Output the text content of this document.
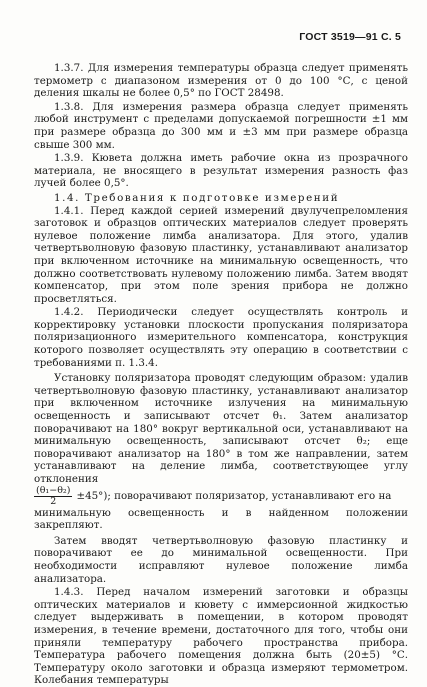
ГОСТ 3519—91 С. 5

1.3.7. Для измерения температуры образца следует применять термометр с диапазоном измерения от 0 до 100 °С, с ценой деления шкалы не более 0,5° по ГОСТ 28498.

1.3.8. Для измерения размера образца следует применять любой инструмент с пределами допускаемой погрешности ±1 мм при размере образца до 300 мм и ±3 мм при размере образца свыше 300 мм.

1.3.9. Кювета должна иметь рабочие окна из прозрачного материала, не вносящего в результат измерения разность фаз лучей более 0,5°.

1.4. Требования к подготовке измерений

1.4.1. Перед каждой серией измерений двулучепреломления заготовок и образцов оптических материалов следует проверять нулевое положение лимба анализатора. Для этого, удалив четвертьволновую фазовую пластинку, устанавливают анализатор при включенном источнике на минимальную освещенность, что должно соответствовать нулевому положению лимба. Затем вводят компенсатор, при этом поле зрения прибора не должно просветляться.

1.4.2. Периодически следует осуществлять контроль и корректировку установки плоскости пропускания поляризатора поляризационного измерительного компенсатора, конструкция которого позволяет осуществлять эту операцию в соответствии с требованиями п. 1.3.4.

Установку поляризатора проводят следующим образом: удалив четвертьволновую фазовую пластинку, устанавливают анализатор при включенном источнике излучения на минимальную освещенность и записывают отсчет θ₁. Затем анализатор поворачивают на 180° вокруг вертикальной оси, устанавливают на минимальную освещенность, записывают отсчет θ₂; еще поворачивают анализатор на 180° в том же направлении, затем устанавливают на деление лимба, соответствующее углу отклонения

$\frac{\text{(θ₁−θ₂)}}{2} \pm 45^\circ$); поворачивают поляризатор, устанавливают его на

минимальную освещенность и в найденном положении закрепляют.

Затем вводят четвертьволновую фазовую пластинку и поворачивают ее до минимальной освещенности. При необходимости исправляют нулевое положение лимба анализатора.

1.4.3. Перед началом измерений заготовки и образцы оптических материалов и кювету с иммерсионной жидкостью следует выдерживать в помещении, в котором проводят измерения, в течение времени, достаточного для того, чтобы они приняли температуру рабочего пространства прибора. Температура рабочего помещения должна быть (20±5) °С. Температуру около заготовки и образца измеряют термометром. Колебания температуры
